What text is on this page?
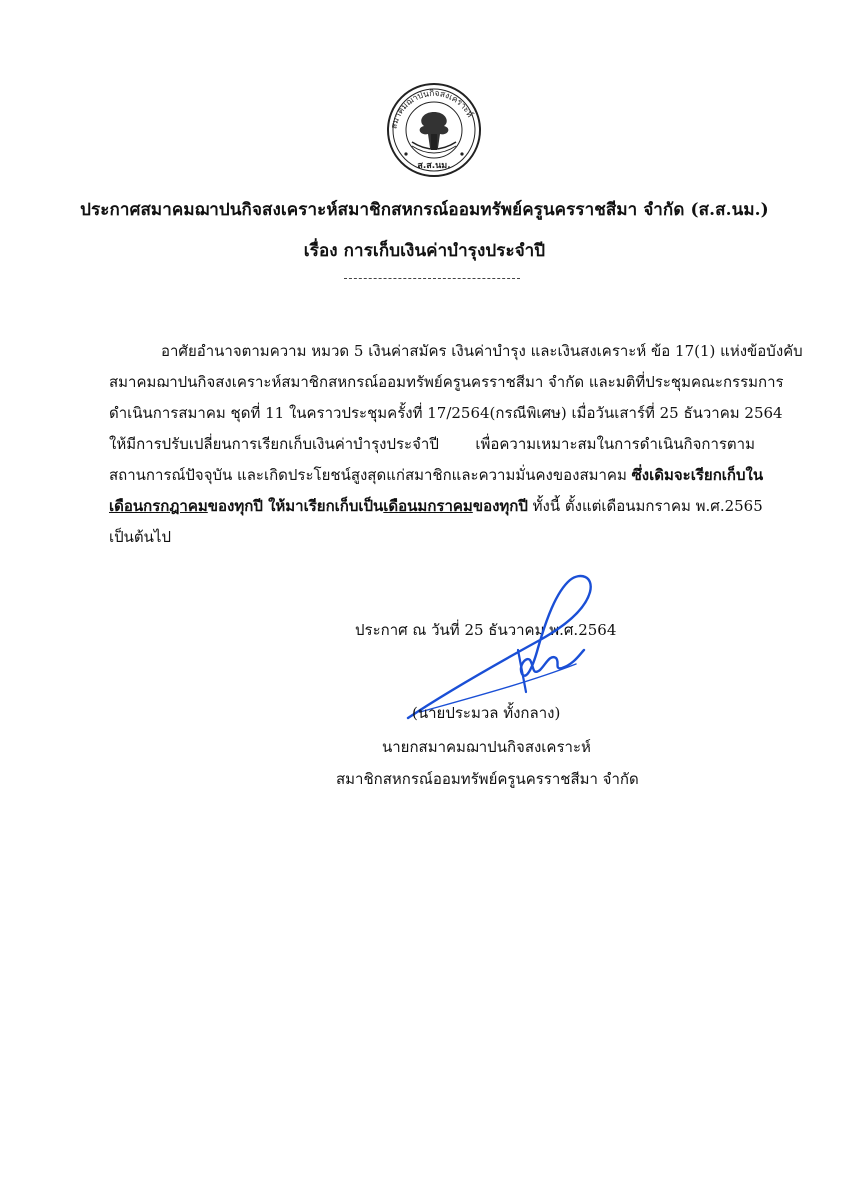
สมาคมฌาปนกิจสงเคราะห์
ส.ส.นม.
ประกาศสมาคมฌาปนกิจสงเคราะห์สมาชิกสหกรณ์ออมทรัพย์ครูนครราชสีมา จำกัด (ส.ส.นม.)
เรื่อง การเก็บเงินค่าบำรุงประจำปี
อาศัยอำนาจตามความ หมวด 5 เงินค่าสมัคร เงินค่าบำรุง และเงินสงเคราะห์ ข้อ 17(1) แห่งข้อบังคับ
สมาคมฌาปนกิจสงเคราะห์สมาชิกสหกรณ์ออมทรัพย์ครูนครราชสีมา จำกัด และมติที่ประชุมคณะกรรมการ
ดำเนินการสมาคม ชุดที่ 11 ในคราวประชุมครั้งที่ 17/2564(กรณีพิเศษ) เมื่อวันเสาร์ที่ 25 ธันวาคม 2564
ให้มีการปรับเปลี่ยนการเรียกเก็บเงินค่าบำรุงประจำปี เพื่อความเหมาะสมในการดำเนินกิจการตาม
สถานการณ์ปัจจุบัน และเกิดประโยชน์สูงสุดแก่สมาชิกและความมั่นคงของสมาคม ซึ่งเดิมจะเรียกเก็บใน
เดือนกรกฎาคมของทุกปี ให้มาเรียกเก็บเป็นเดือนมกราคมของทุกปี ทั้งนี้ ตั้งแต่เดือนมกราคม พ.ศ.2565
เป็นต้นไป
ประกาศ ณ วันที่ 25 ธันวาคม พ.ศ.2564
(นายประมวล ทั้งกลาง)
นายกสมาคมฌาปนกิจสงเคราะห์
สมาชิกสหกรณ์ออมทรัพย์ครูนครราชสีมา จำกัด
